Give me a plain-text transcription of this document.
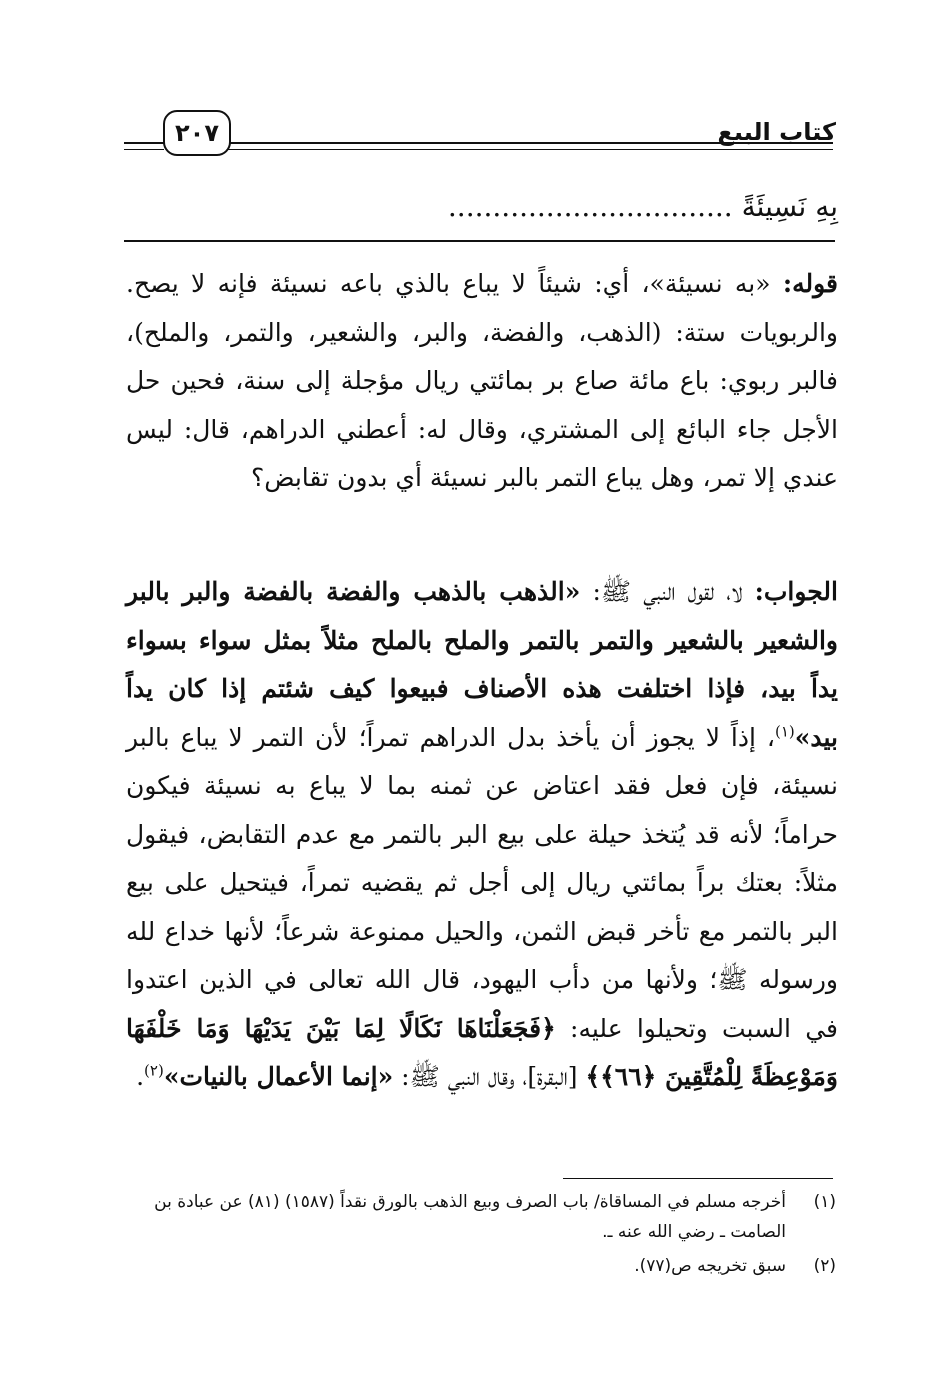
كتاب البيع
٢٠٧
بِهِ نَسِيئَةً ................................
قوله: «به نسيئة»، أي: شيئاً لا يباع بالذي باعه نسيئة فإنه لا يصح. والربويات ستة: (الذهب، والفضة، والبر، والشعير، والتمر، والملح)، فالبر ربوي: باع مائة صاع بر بمائتي ريال مؤجلة إلى سنة، فحين حل الأجل جاء البائع إلى المشتري، وقال له: أعطني الدراهم، قال: ليس عندي إلا تمر، وهل يباع التمر بالبر نسيئة أي بدون تقابض؟
الجواب: لا، لقول النبي ﷺ: «الذهب بالذهب والفضة بالفضة والبر بالبر والشعير بالشعير والتمر بالتمر والملح بالملح مثلاً بمثل سواء بسواء يداً بيد، فإذا اختلفت هذه الأصناف فبيعوا كيف شئتم إذا كان يداً بيد»$^{(١)}$، إذاً لا يجوز أن يأخذ بدل الدراهم تمراً؛ لأن التمر لا يباع بالبر نسيئة، فإن فعل فقد اعتاض عن ثمنه بما لا يباع به نسيئة فيكون حراماً؛ لأنه قد يُتخذ حيلة على بيع البر بالتمر مع عدم التقابض، فيقول مثلاً: بعتك براً بمائتي ريال إلى أجل ثم يقضيه تمراً، فيتحيل على بيع البر بالتمر مع تأخر قبض الثمن، والحيل ممنوعة شرعاً؛ لأنها خداع لله ورسوله ﷺ؛ ولأنها من دأب اليهود، قال الله تعالى في الذين اعتدوا في السبت وتحيلوا عليه: ﴿فَجَعَلْنَاهَا نَكَالًا لِمَا بَيْنَ يَدَيْهَا وَمَا خَلْفَهَا وَمَوْعِظَةً لِلْمُتَّقِينَ ﴿٦٦﴾﴾ [البقرة]، وقال النبي ﷺ: «إنما الأعمال بالنيات»$^{(٢)}$.
(١)
أخرجه مسلم في المساقاة/ باب الصرف وبيع الذهب بالورق نقداً (١٥٨٧) (٨١) عن عبادة بن الصامت ـ رضي الله عنه ـ.
(٢)
سبق تخريجه ص(٧٧).
